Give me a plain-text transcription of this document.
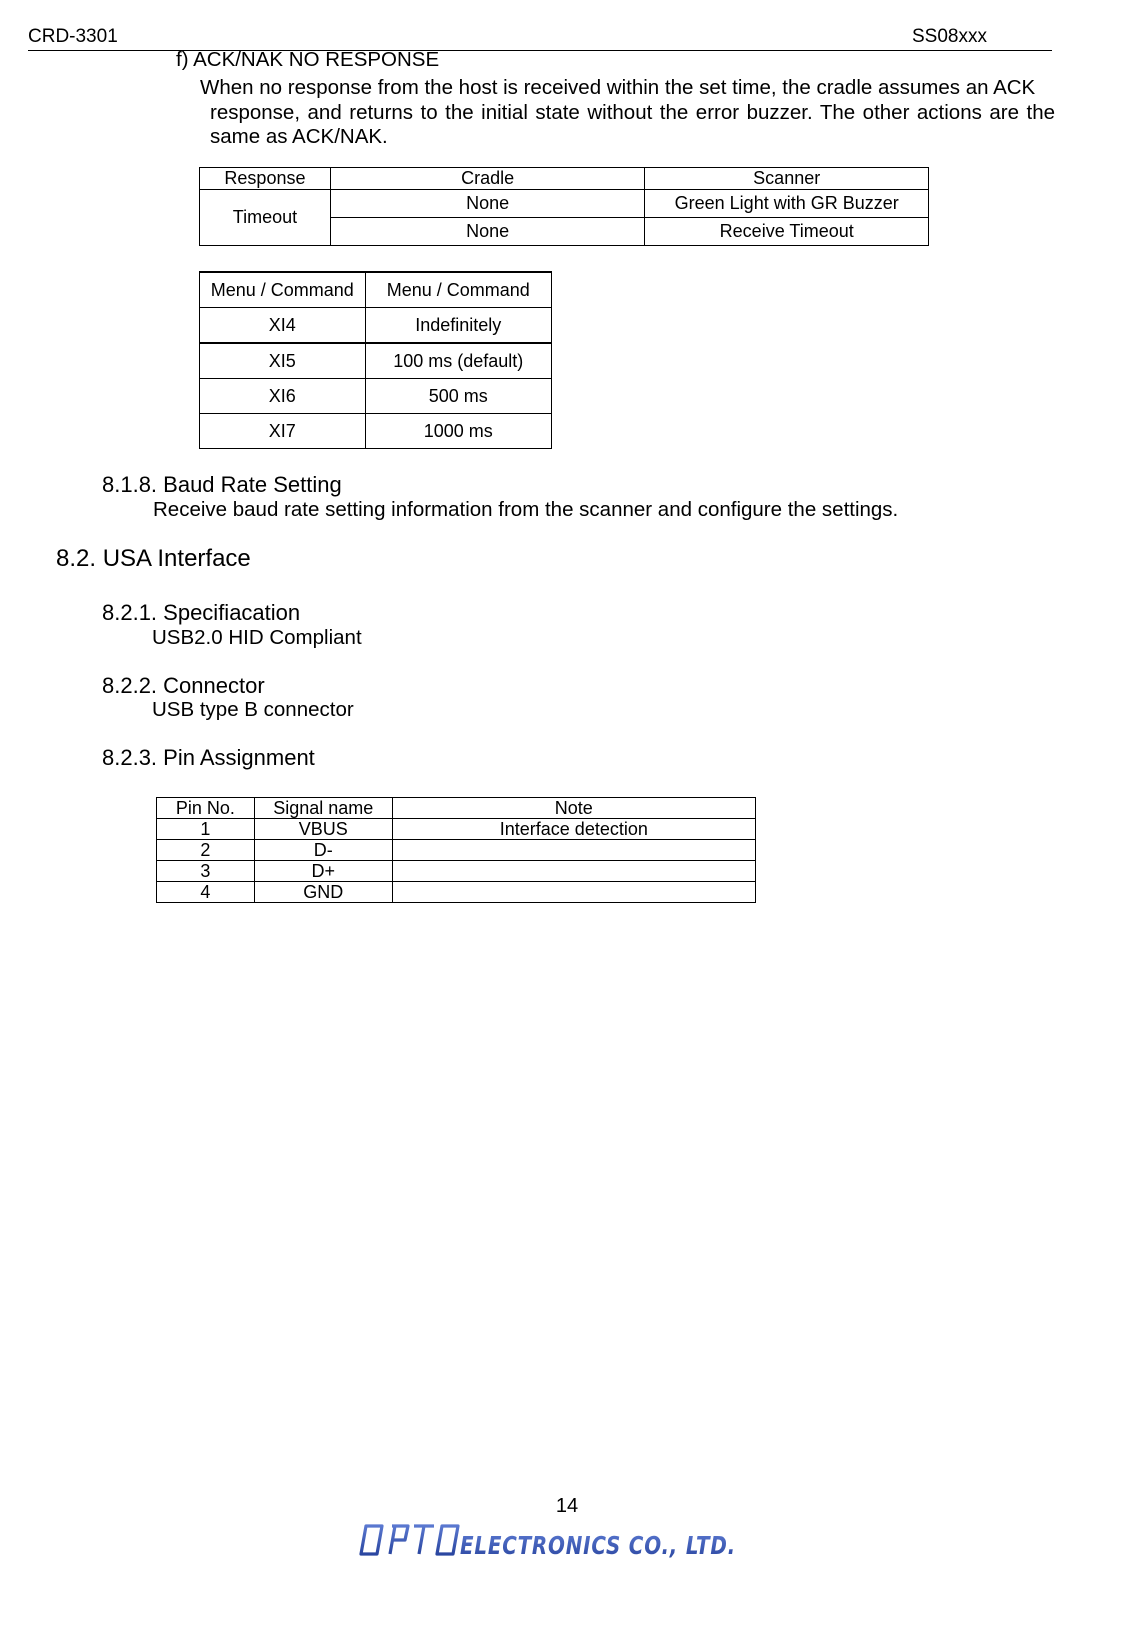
CRD-3301	SS08xxx
f) ACK/NAK NO RESPONSE
When no response from the host is received within the set time, the cradle assumes an ACK
response, and returns to the initial state without the error buzzer. The other actions are the
same as ACK/NAK.
Response	Cradle	Scanner
Timeout	None	Green Light with GR Buzzer
	None	Receive Timeout
Menu / Command	Menu / Command
XI4	Indefinitely
XI5	100 ms (default)
XI6	500 ms
XI7	1000 ms
8.1.8. Baud Rate Setting
Receive baud rate setting information from the scanner and configure the settings.
8.2. USA Interface
8.2.1. Specifiacation
USB2.0 HID Compliant
8.2.2. Connector
USB type B connector
8.2.3. Pin Assignment
Pin No.	Signal name	Note
1	VBUS	Interface detection
2	D-	
3	D+	
4	GND	
14
ELECTRONICS CO., LTD.
